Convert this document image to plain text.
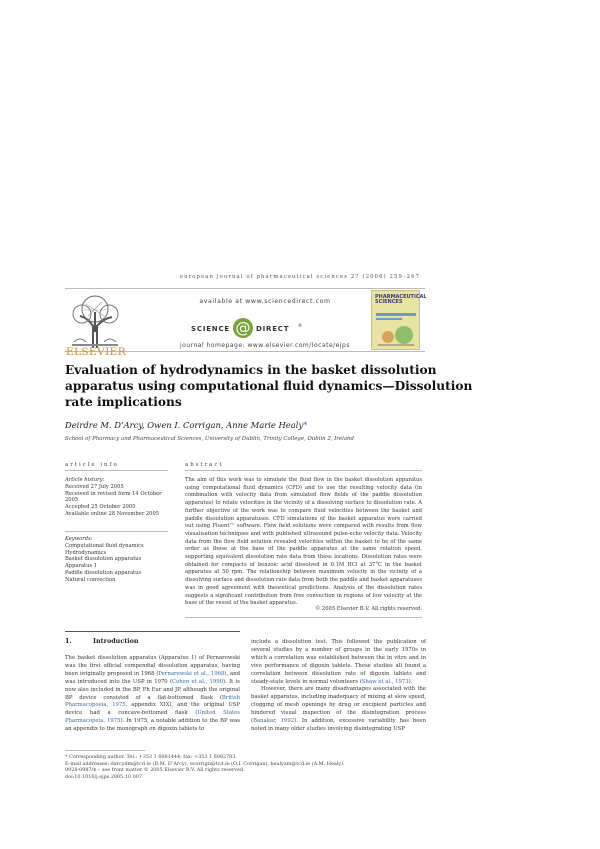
european journal of pharmaceutical sciences 27 (2006) 259–267
ELSEVIER
available at www.sciencedirect.com
SCIENCE @ DIRECT ®
journal homepage: www.elsevier.com/locate/ejps
PHARMACEUTICAL SCIENCES
Evaluation of hydrodynamics in the basket dissolution apparatus using computational fluid dynamics—Dissolution rate implications
Deirdre M. D’Arcy, Owen I. Corrigan, Anne Marie Healy*
School of Pharmacy and Pharmaceutical Sciences, University of Dublin, Trinity College, Dublin 2, Ireland
article info	abstract
Article history:
Received 27 July 2005
Received in revised form 14 October 2005
Accepted 25 October 2005
Available online 28 November 2005
Keywords:
Computational fluid dynamics
Hydrodynamics
Basket dissolution apparatus
Apparatus 1
Paddle dissolution apparatus
Natural convection
The aim of this work was to simulate the fluid flow in the basket dissolution apparatus using computational fluid dynamics (CFD) and to use the resulting velocity data (in combination with velocity data from simulated flow fields of the paddle dissolution apparatus) to relate velocities in the vicinity of a dissolving surface to dissolution rate. A further objective of the work was to compare fluid velocities between the basket and paddle dissolution apparatuses. CFD simulations of the basket apparatus were carried out using Fluent™ software. Flow field solutions were compared with results from flow visualisation techniques and with published ultrasound pulse-echo velocity data. Velocity data from the flow field solution revealed velocities within the basket to be of the same order as those at the base of the paddle apparatus at the same rotation speed, supporting equivalent dissolution rate data from these locations. Dissolution rates were obtained for compacts of benzoic acid dissolved in 0.1M HCl at 37°C in the basket apparatus at 50 rpm. The relationship between maximum velocity in the vicinity of a dissolving surface and dissolution rate data from both the paddle and basket apparatuses was in good agreement with theoretical predictions. Analysis of the dissolution rates suggests a significant contribution from free convection in regions of low velocity at the base of the vessel of the basket apparatus.
© 2005 Elsevier B.V. All rights reserved.
1.	Introduction
The basket dissolution apparatus (Apparatus 1) of Pernarowski was the first official compendial dissolution apparatus, having been originally proposed in 1968 (Pernarowski et al., 1968), and was introduced into the USP in 1970 (Cohen et al., 1990). It is now also included in the BP, Ph Eur and JP, although the original BP device consisted of a flat-bottomed flask (British Pharmacopoeia, 1975, appendix XIX), and the original USP device had a concave-bottomed flask (United States Pharmacopeia, 1975). In 1975, a notable addition to the BP was an appendix to the monograph on digoxin tablets to
include a dissolution test. This followed the publication of several studies by a number of groups in the early 1970s in which a correlation was established between the in vitro and in vivo performance of digoxin tablets. These studies all found a correlation between dissolution rate of digoxin tablets and steady-state levels in normal volunteers (Shaw et al., 1973).
However, there are many disadvantages associated with the basket apparatus, including inadequacy of mixing at slow speed, clogging of mesh openings by drug or excipient particles and hindered visual inspection of the disintegration process (Banakar, 1992). In addition, excessive variability has been noted in many older studies involving disintegrating USP
* Corresponding author. Tel.: +353 1 6081444; fax: +353 1 6082783.
E-mail addresses: darcydm@tcd.ie (D.M. D’Arcy), ocorrign@tcd.ie (O.I. Corrigan), healyam@tcd.ie (A.M. Healy).
0928-0987/$ – see front matter © 2005 Elsevier B.V. All rights reserved.
doi:10.1016/j.ejps.2005.10.007
